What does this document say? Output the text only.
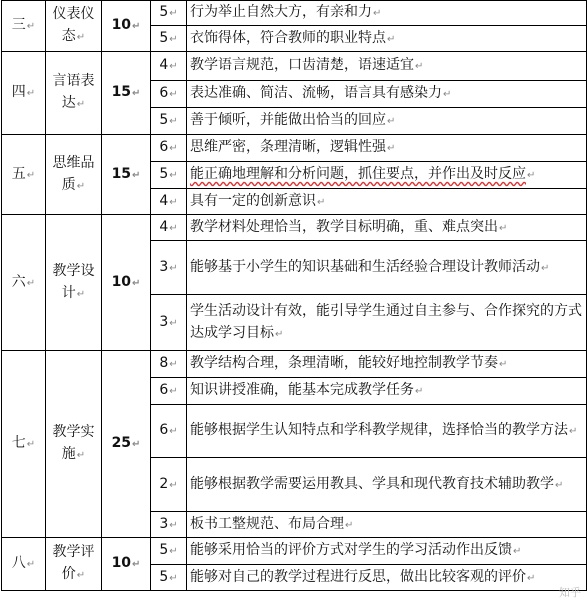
三↵	仪表仪态↵	10↵		5↵	行为举止自然大方，有亲和力↵
			5↵	衣饰得体，符合教师的职业特点↵
四↵	言语表达↵	15↵		4↵	教学语言规范，口齿清楚，语速适宜↵
			6↵	表达准确、简洁、流畅，语言具有感染力↵
			5↵	善于倾听，并能做出恰当的回应↵
五↵	思维品质↵	15↵		6↵	思维严密，条理清晰，逻辑性强↵
			5↵	能正确地理解和分析问题，抓住要点，并作出及时反应↵
			4↵	具有一定的创新意识↵
六↵	教学设计↵	10↵		4↵	教学材料处理恰当，教学目标明确，重、难点突出↵
			3↵	能够基于小学生的知识基础和生活经验合理设计教师活动↵
			3↵	学生活动设计有效，能引导学生通过自主参与、合作探究的方式达成学习目标↵
七↵	教学实施↵	25↵		8↵	教学结构合理，条理清晰，能较好地控制教学节奏↵
			6↵	知识讲授准确，能基本完成教学任务↵
			6↵	能够根据学生认知特点和学科教学规律，选择恰当的教学方法↵
			2↵	能够根据教学需要运用教具、学具和现代教育技术辅助教学↵
			3↵	板书工整规范、布局合理↵
八↵	教学评价↵	10↵		5↵	能够采用恰当的评价方式对学生的学习活动作出反馈↵
			5↵	能够对自己的教学过程进行反思，做出比较客观的评价↵
知乎
